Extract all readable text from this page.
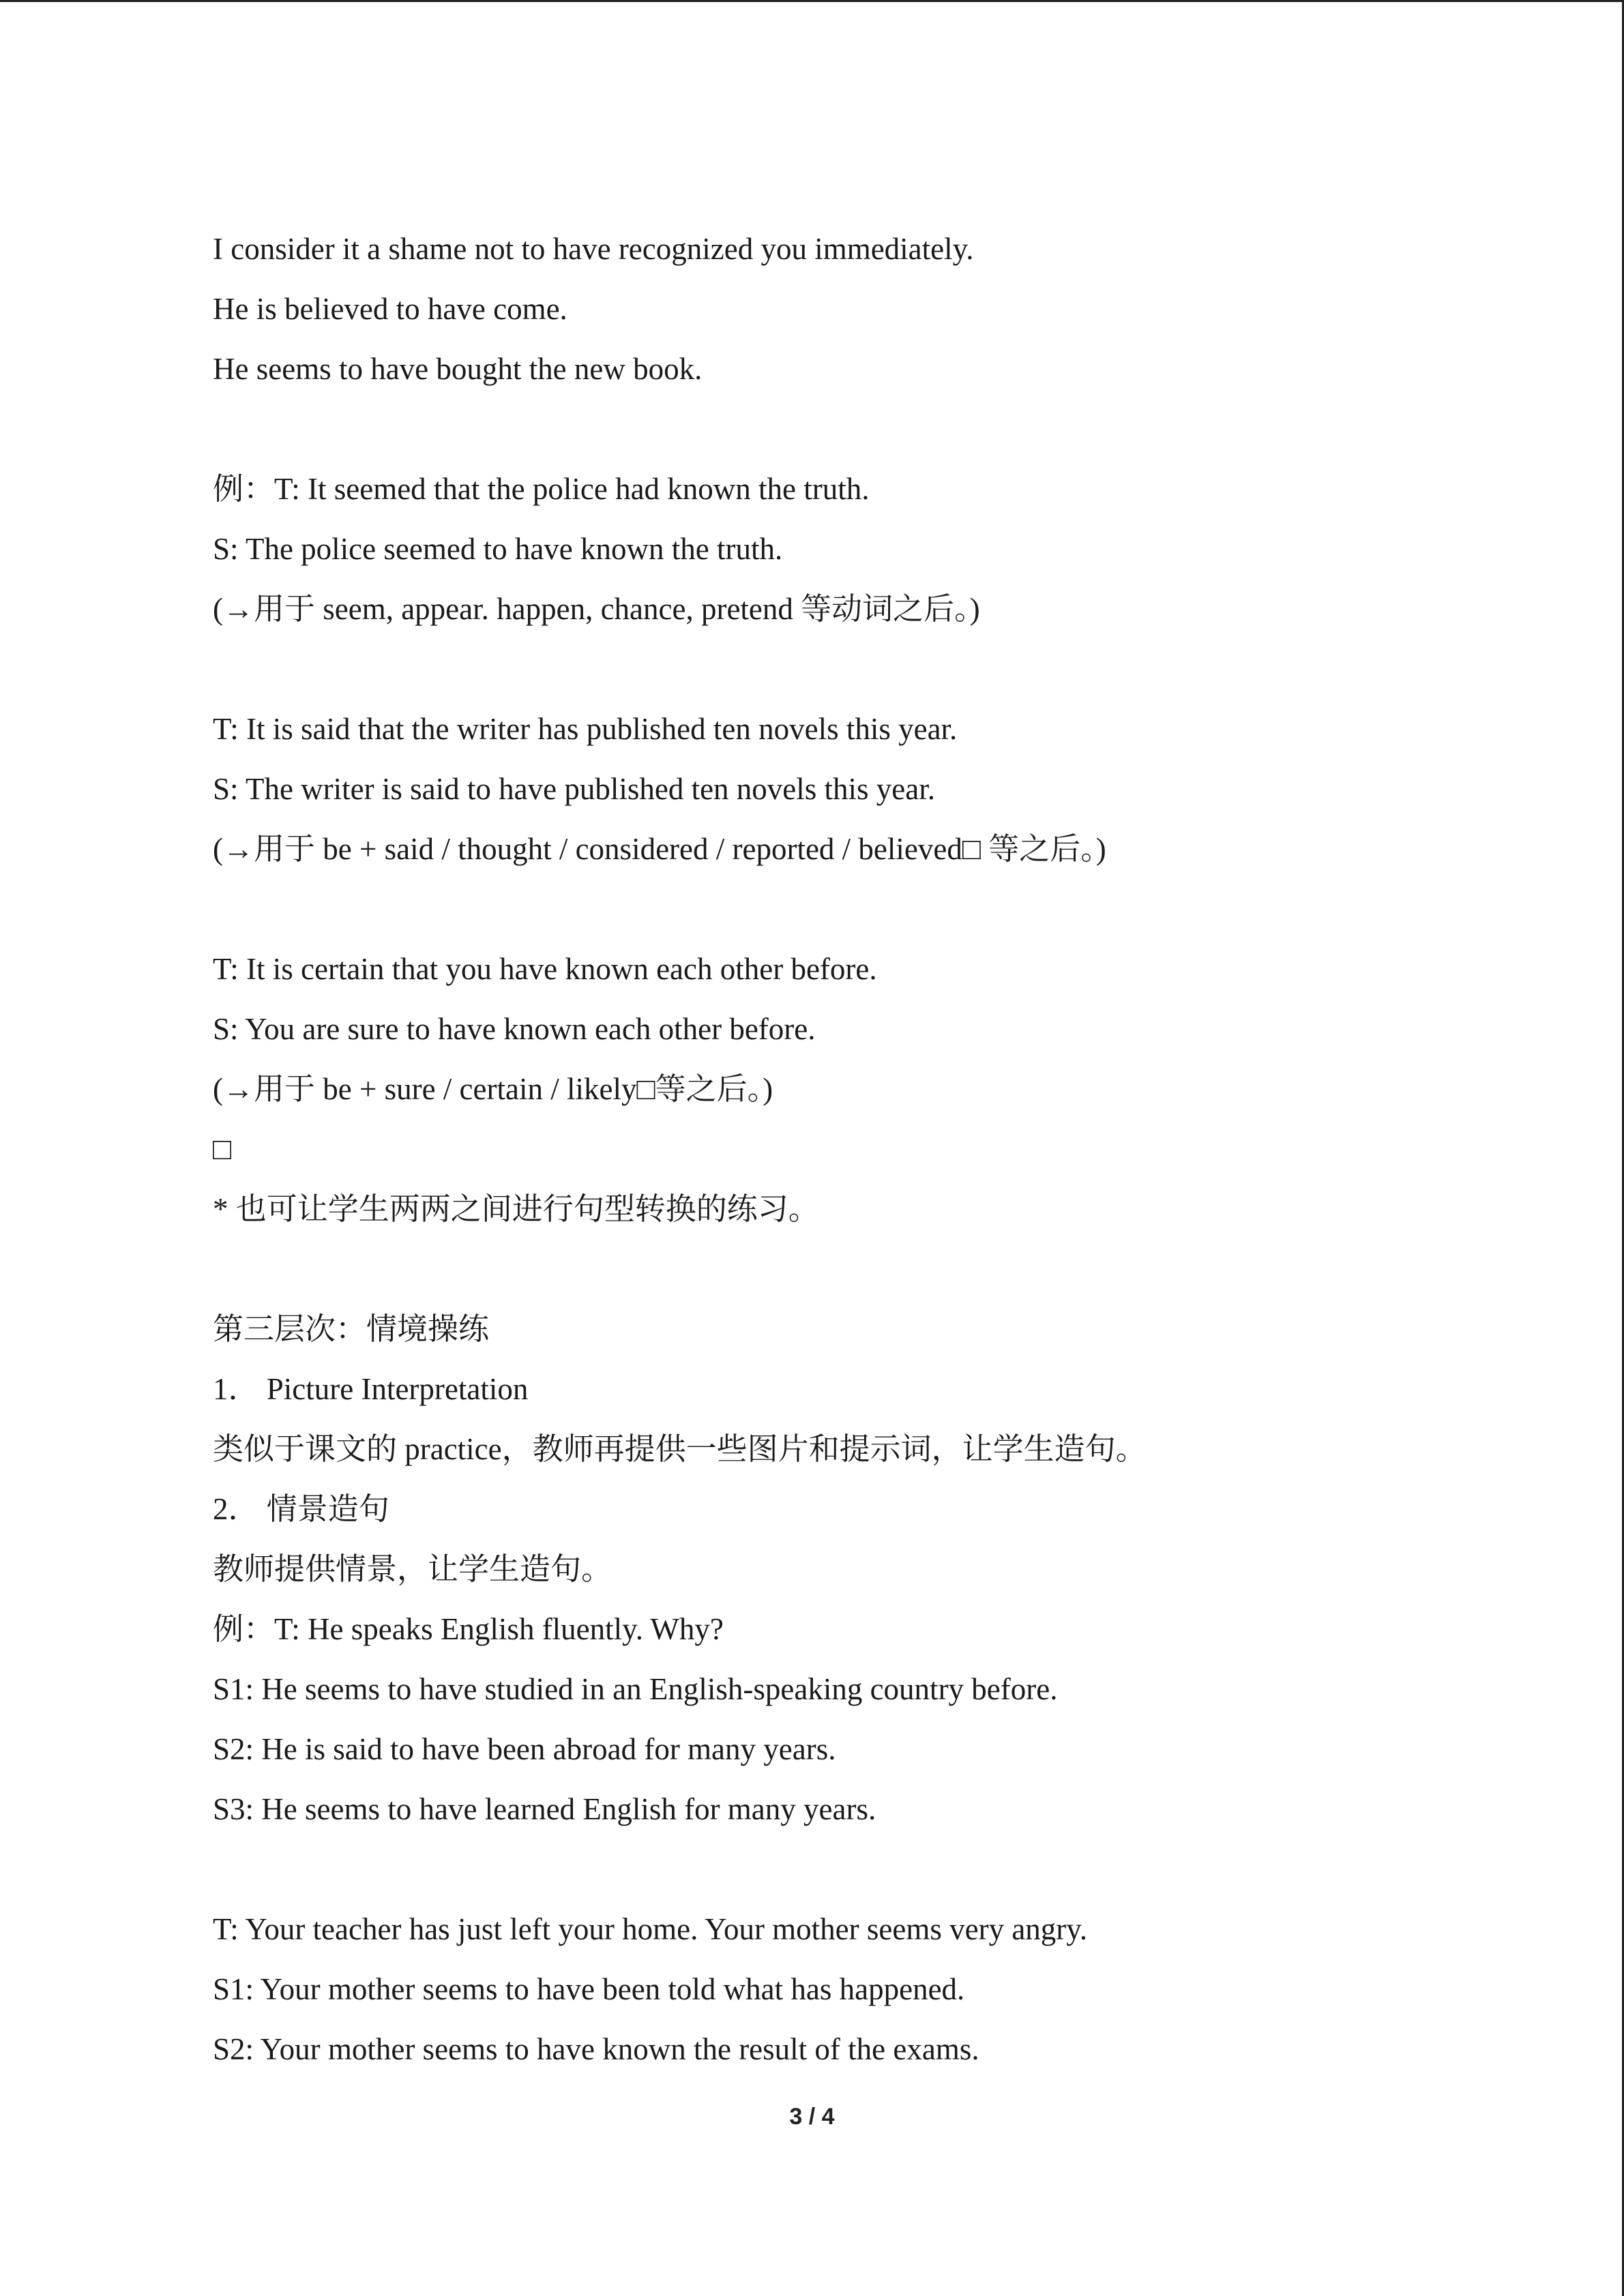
I consider it a shame not to have recognized you immediately.
He is believed to have come.
He seems to have bought the new book.
例：T: It seemed that the police had known the truth.
S: The police seemed to have known the truth.
(→用于 seem, appear. happen, chance, pretend 等动词之后。)
T: It is said that the writer has published ten novels this year.
S: The writer is said to have published ten novels this year.
(→用于 be + said / thought / considered / reported / believed□ 等之后。)
T: It is certain that you have known each other before.
S: You are sure to have known each other before.
(→用于 be + sure / certain / likely□等之后。)
□
* 也可让学生两两之间进行句型转换的练习。
第三层次：情境操练
1． Picture Interpretation
类似于课文的 practice，教师再提供一些图片和提示词，让学生造句。
2． 情景造句
教师提供情景，让学生造句。
例：T: He speaks English fluently. Why?
S1: He seems to have studied in an English-speaking country before.
S2: He is said to have been abroad for many years.
S3: He seems to have learned English for many years.
T: Your teacher has just left your home. Your mother seems very angry.
S1: Your mother seems to have been told what has happened.
S2: Your mother seems to have known the result of the exams.
3 / 4
